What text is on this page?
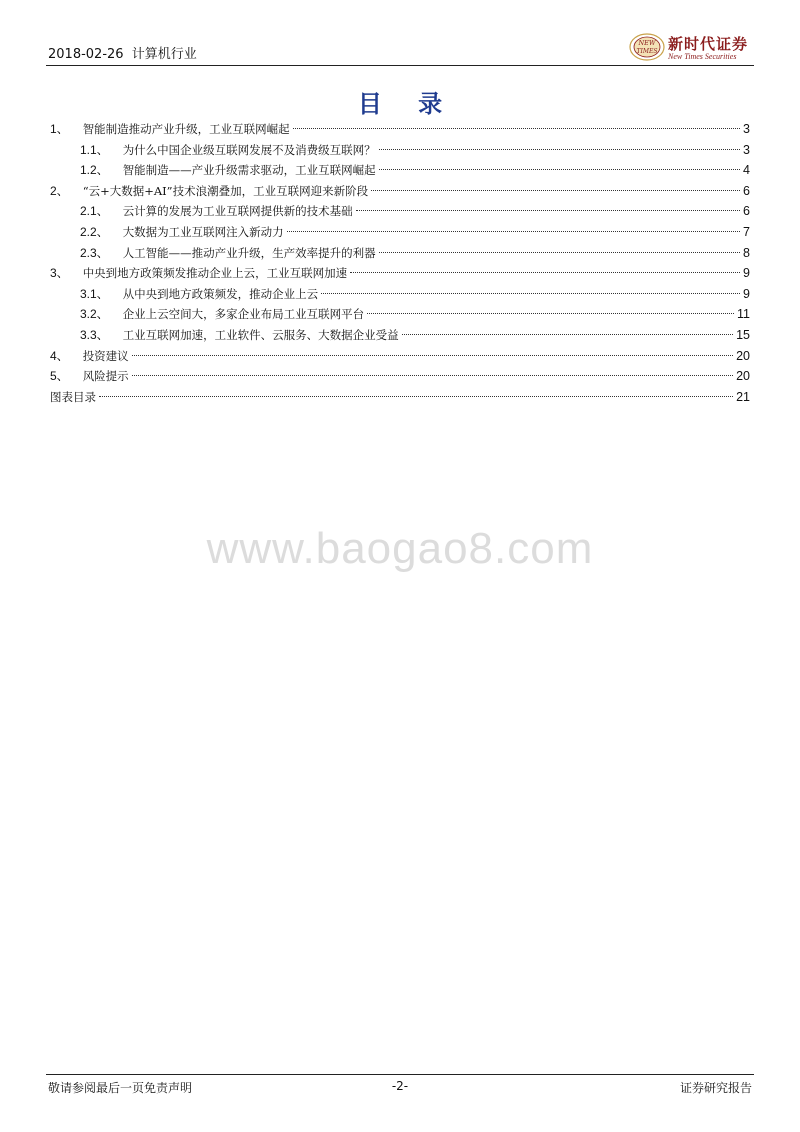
2018-02-26 计算机行业
NEW
TIMES 新时代证券
New Times Securities
目 录
1、 智能制造推动产业升级，工业互联网崛起	3
1.1、 为什么中国企业级互联网发展不及消费级互联网？	3
1.2、 智能制造——产业升级需求驱动，工业互联网崛起	4
2、 “云+大数据+AI”技术浪潮叠加，工业互联网迎来新阶段	6
2.1、 云计算的发展为工业互联网提供新的技术基础	6
2.2、 大数据为工业互联网注入新动力	7
2.3、 人工智能——推动产业升级，生产效率提升的利器	8
3、 中央到地方政策频发推动企业上云，工业互联网加速	9
3.1、 从中央到地方政策频发，推动企业上云	9
3.2、 企业上云空间大，多家企业布局工业互联网平台	11
3.3、 工业互联网加速，工业软件、云服务、大数据企业受益	15
4、 投资建议	20
5、 风险提示	20
图表目录	21
www.baogao8.com
敬请参阅最后一页免责声明	-2-	证券研究报告
